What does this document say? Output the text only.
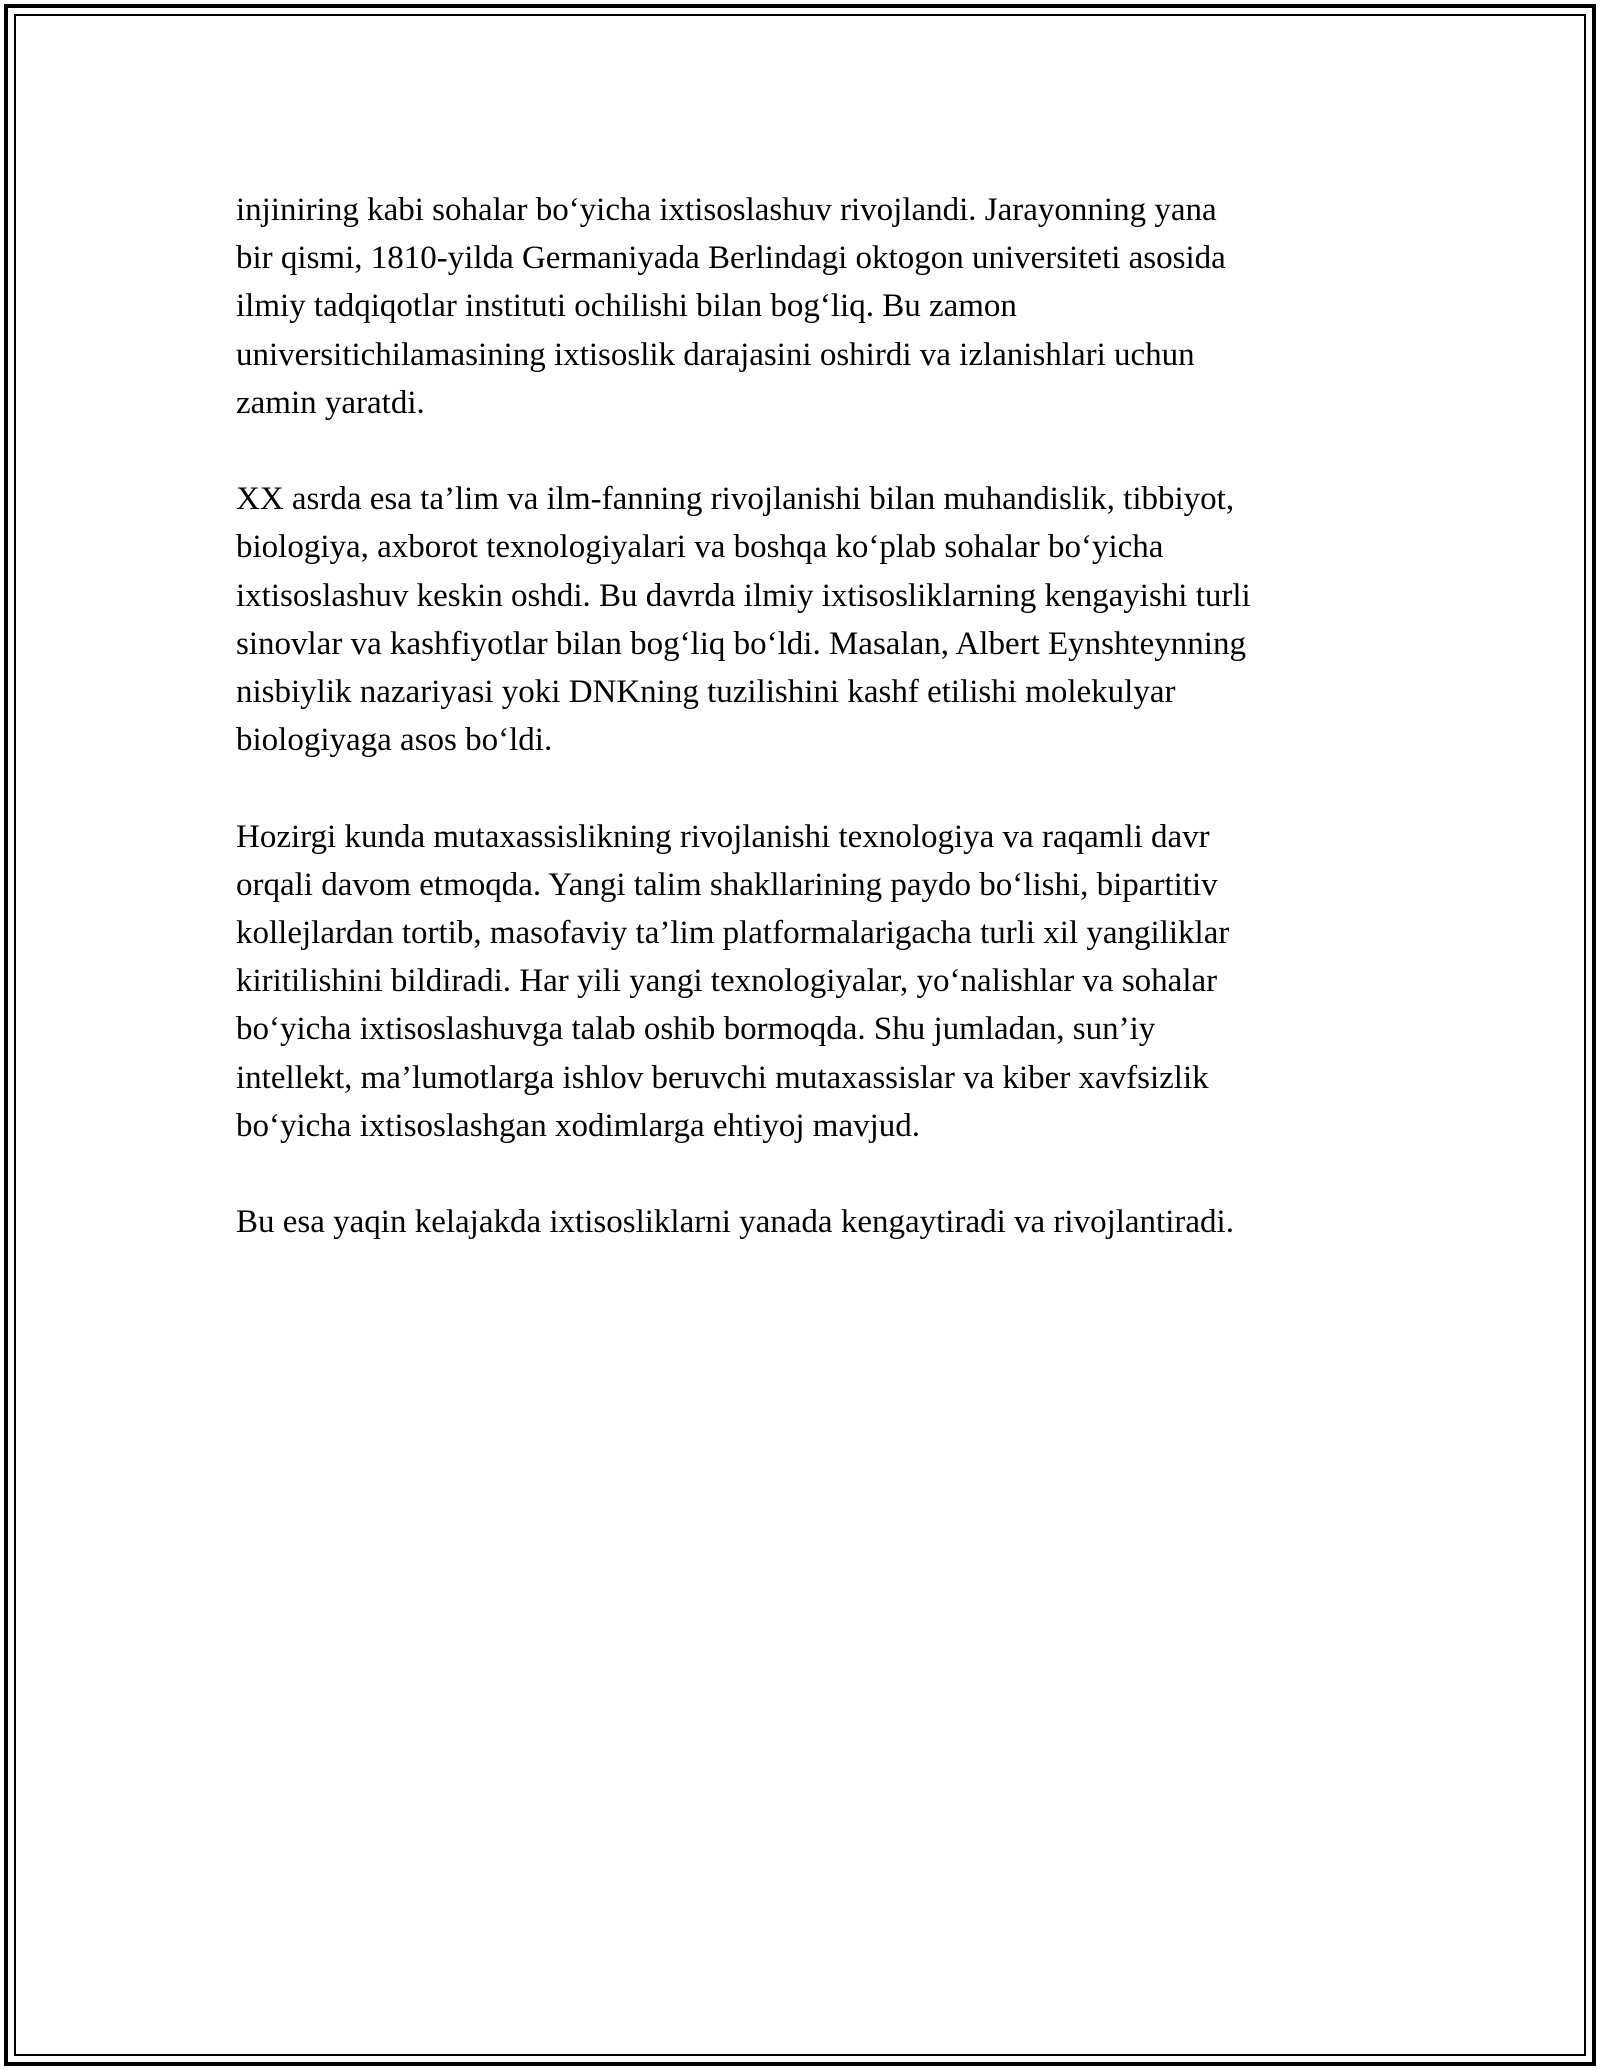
injiniring kabi sohalar bo‘yicha ixtisoslashuv rivojlandi. Jarayonning yana
bir qismi, 1810-yilda Germaniyada Berlindagi oktogon universiteti asosida
ilmiy tadqiqotlar instituti ochilishi bilan bog‘liq. Bu zamon
universitichilamasining ixtisoslik darajasini oshirdi va izlanishlari uchun
zamin yaratdi.

XX asrda esa ta’lim va ilm-fanning rivojlanishi bilan muhandislik, tibbiyot,
biologiya, axborot texnologiyalari va boshqa ko‘plab sohalar bo‘yicha
ixtisoslashuv keskin oshdi. Bu davrda ilmiy ixtisosliklarning kengayishi turli
sinovlar va kashfiyotlar bilan bog‘liq bo‘ldi. Masalan, Albert Eynshteynning
nisbiylik nazariyasi yoki DNKning tuzilishini kashf etilishi molekulyar
biologiyaga asos bo‘ldi.

Hozirgi kunda mutaxassislikning rivojlanishi texnologiya va raqamli davr
orqali davom etmoqda. Yangi talim shakllarining paydo bo‘lishi, bipartitiv
kollejlardan tortib, masofaviy ta’lim platformalarigacha turli xil yangiliklar
kiritilishini bildiradi. Har yili yangi texnologiyalar, yo‘nalishlar va sohalar
bo‘yicha ixtisoslashuvga talab oshib bormoqda. Shu jumladan, sun’iy
intellekt, ma’lumotlarga ishlov beruvchi mutaxassislar va kiber xavfsizlik
bo‘yicha ixtisoslashgan xodimlarga ehtiyoj mavjud.

Bu esa yaqin kelajakda ixtisosliklarni yanada kengaytiradi va rivojlantiradi.
